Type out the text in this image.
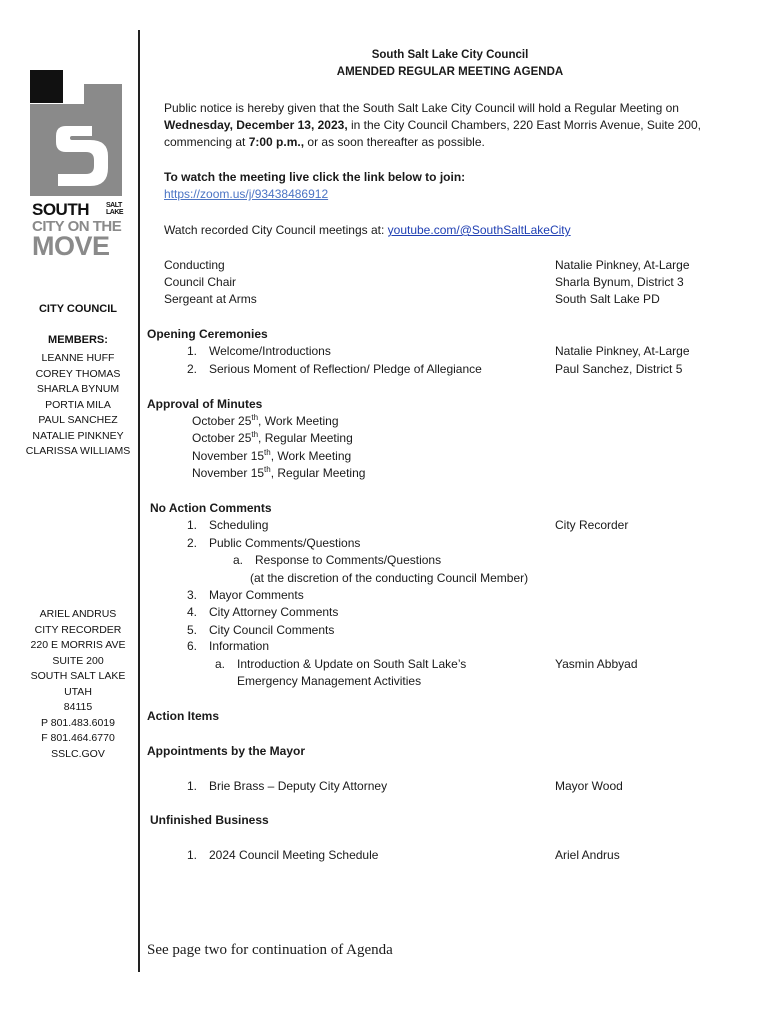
SOUTH SALT
LAKE
CITY ON THE
MOVE
CITY COUNCIL
MEMBERS:
LEANNE HUFF
COREY THOMAS
SHARLA BYNUM
PORTIA MILA
PAUL SANCHEZ
NATALIE PINKNEY
CLARISSA WILLIAMS
ARIEL ANDRUS
CITY RECORDER
220 E MORRIS AVE
SUITE 200
SOUTH SALT LAKE
UTAH
84115
P 801.483.6019
F 801.464.6770
SSLC.GOV
South Salt Lake City Council
AMENDED REGULAR MEETING AGENDA
Public notice is hereby given that the South Salt Lake City Council will hold a Regular Meeting on
Wednesday, December 13, 2023, in the City Council Chambers, 220 East Morris Avenue, Suite 200,
commencing at 7:00 p.m., or as soon thereafter as possible.
To watch the meeting live click the link below to join:
https://zoom.us/j/93438486912
Watch recorded City Council meetings at: youtube.com/@SouthSaltLakeCity
Conducting	Natalie Pinkney, At-Large
Council Chair	Sharla Bynum, District 3
Sergeant at Arms	South Salt Lake PD
Opening Ceremonies
1. Welcome/Introductions	Natalie Pinkney, At-Large
2. Serious Moment of Reflection/ Pledge of Allegiance	Paul Sanchez, District 5
Approval of Minutes
October 25th, Work Meeting
October 25th, Regular Meeting
November 15th, Work Meeting
November 15th, Regular Meeting
No Action Comments
1. Scheduling	City Recorder
2. Public Comments/Questions
a. Response to Comments/Questions
(at the discretion of the conducting Council Member)
3. Mayor Comments
4. City Attorney Comments
5. City Council Comments
6. Information
a. Introduction & Update on South Salt Lake’s	Yasmin Abbyad
Emergency Management Activities
Action Items
Appointments by the Mayor
1. Brie Brass – Deputy City Attorney	Mayor Wood
Unfinished Business
1. 2024 Council Meeting Schedule	Ariel Andrus
See page two for continuation of Agenda
